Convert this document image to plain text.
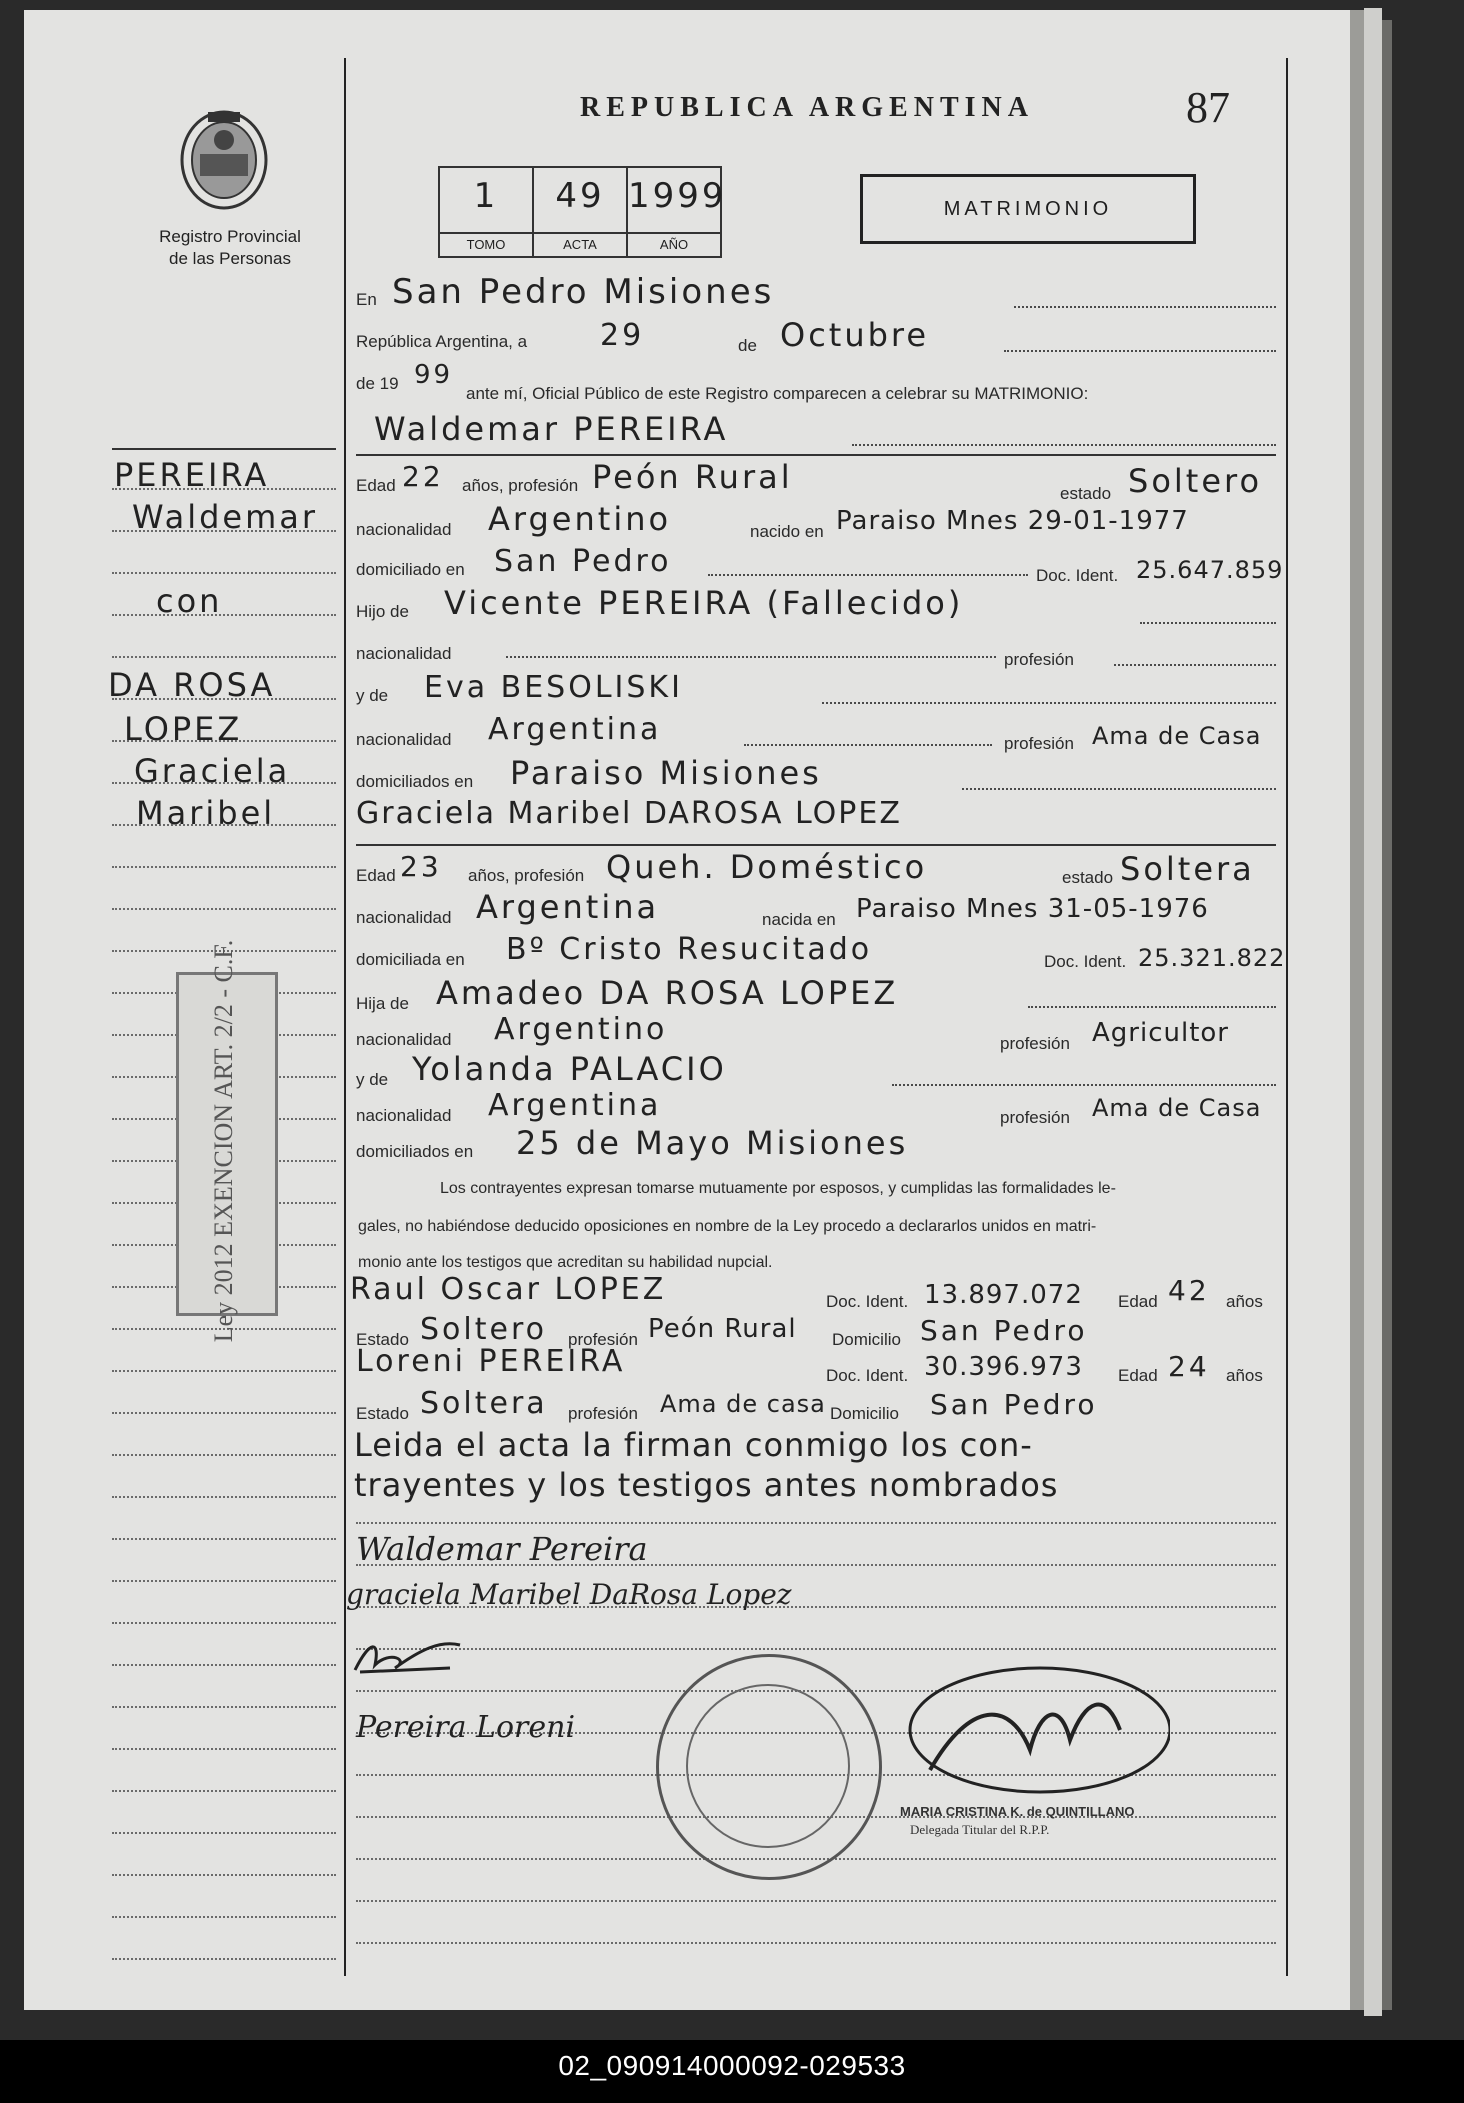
Registro Provincial
de las Personas
REPUBLICA ARGENTINA	87
1
TOMO
49
ACTA
1999
AÑO
MATRIMONIO
PEREIRA
Waldemar
con
DA ROSA
LOPEZ
Graciela
Maribel
Ley 2012 EXENCION ART. 2/2 - C.F.
En San Pedro Misiones
República Argentina, a 29	de Octubre
de 19 99
ante mí, Oficial Público de este Registro comparecen a celebrar su MATRIMONIO:
Waldemar PEREIRA
Edad 22 años, profesión Peón Rural	estado Soltero
nacionalidad Argentino	nacido en Paraiso Mnes 29-01-1977
domiciliado en San Pedro	Doc. Ident. 25.647.859
Hijo de Vicente PEREIRA (Fallecido)
nacionalidad	profesión
y de Eva BESOLISKI
nacionalidad Argentina	profesión Ama de Casa
domiciliados en Paraiso Misiones
Graciela Maribel DAROSA LOPEZ
Edad 23 años, profesión Queh. Doméstico	estado Soltera
nacionalidad Argentina	nacida en Paraiso Mnes 31-05-1976
domiciliada en Bº Cristo Resucitado	Doc. Ident. 25.321.822
Hija de Amadeo DA ROSA LOPEZ
nacionalidad Argentino	profesión Agricultor
y de Yolanda PALACIO
nacionalidad Argentina	profesión Ama de Casa
domiciliados en 25 de Mayo Misiones
Los contrayentes expresan tomarse mutuamente por esposos, y cumplidas las formalidades le-
gales, no habiéndose deducido oposiciones en nombre de la Ley procedo a declararlos unidos en matri-
monio ante los testigos que acreditan su habilidad nupcial.
Raul Oscar LOPEZ	Doc. Ident. 13.897.072 Edad 42 años
Estado Soltero profesión Peón Rural Domicilio San Pedro
Loreni PEREIRA	Doc. Ident. 30.396.973 Edad 24 años
Estado Soltera profesión Ama de casa Domicilio San Pedro
Leida el acta la firman conmigo los con-
trayentes y los testigos antes nombrados
Waldemar Pereira
graciela Maribel DaRosa Lopez
Pereira Loreni
MARIA CRISTINA K. de QUINTILLANO
Delegada Titular del R.P.P.
02_090914000092-029533
